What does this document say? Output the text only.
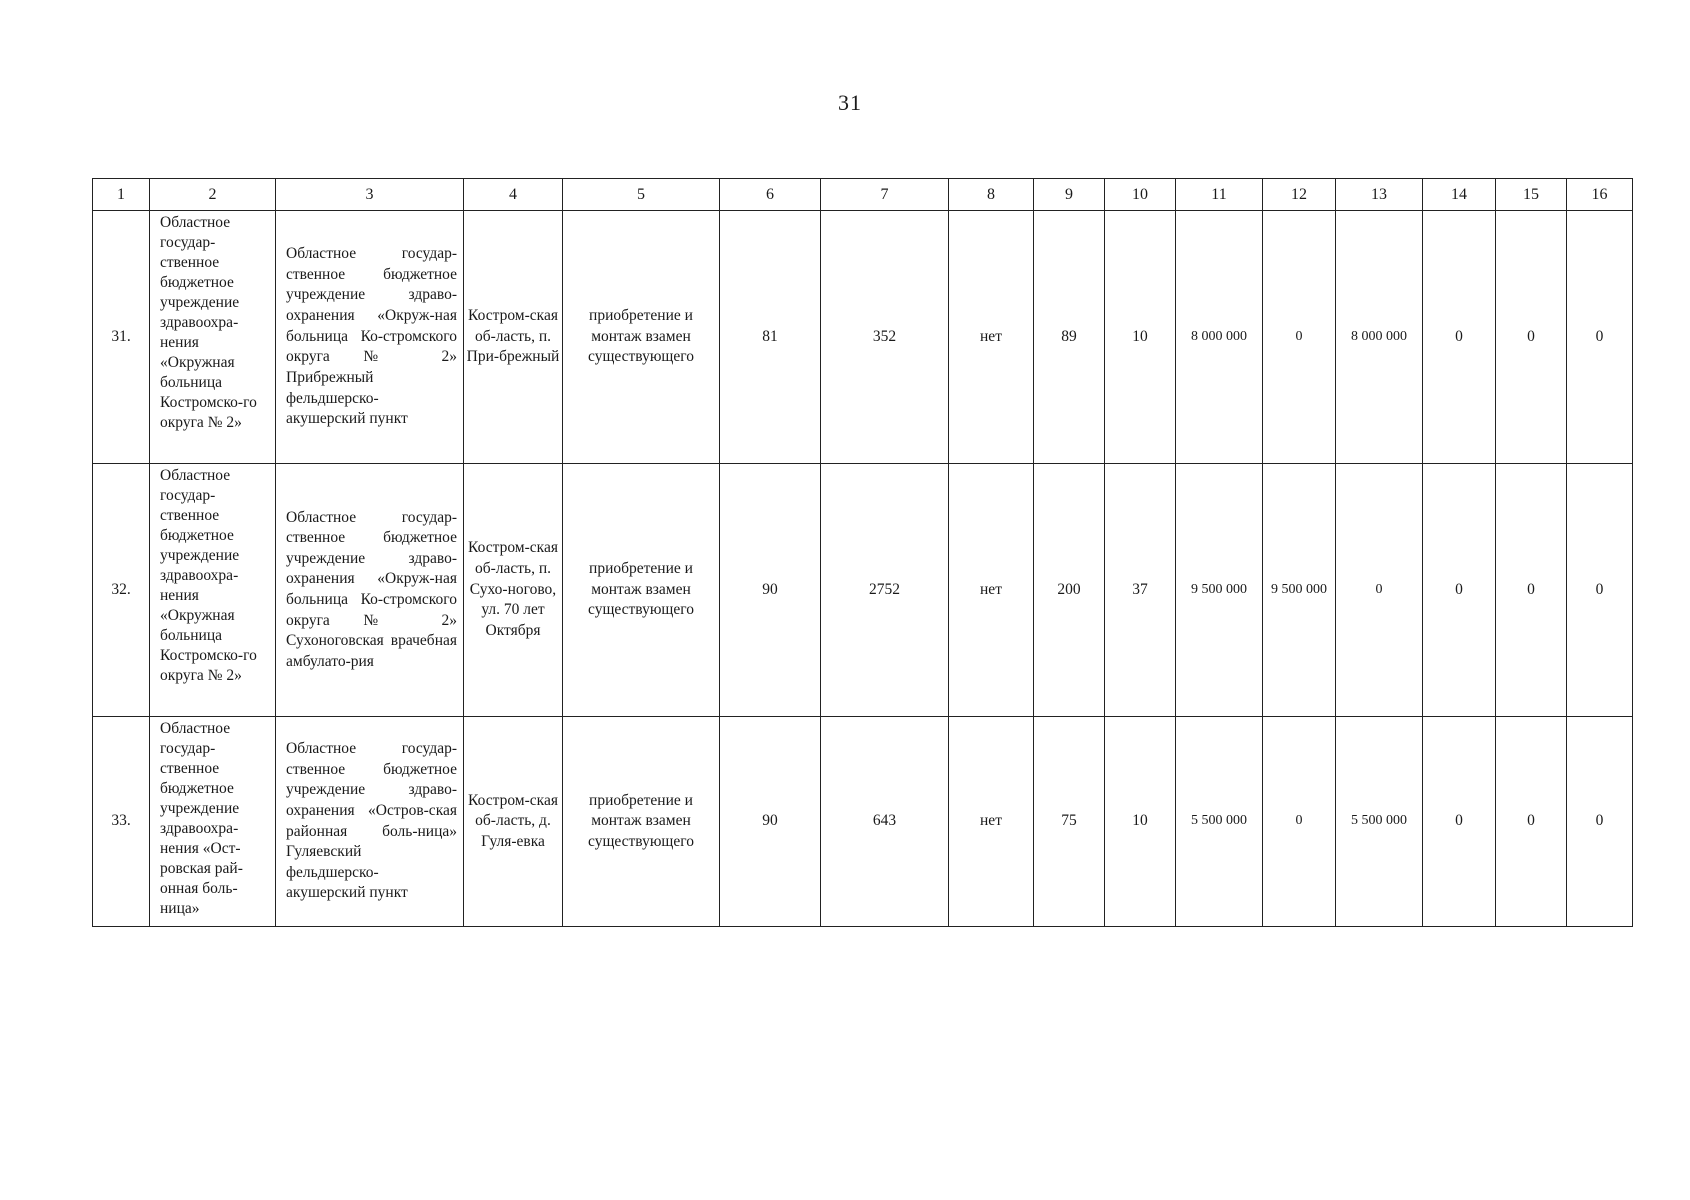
31
1	2	3	4	5	6	7	8	9	10	11	12	13	14	15	16
31.	Областное государ-ственное бюджетное учреждение здравоохра-нения «Окружная больница Костромско-го округа № 2»	Областное государ-ственное бюджетное учреждение здраво-охранения «Окруж-ная больница Ко-стромского округа № 2» Прибрежный фельдшерско-акушерский пункт	Костром-ская об-ласть, п. При-брежный	приобретение и монтаж взамен существующего	81	352	нет	89	10	8 000 000	0	8 000 000	0	0	0
32.	Областное государ-ственное бюджетное учреждение здравоохра-нения «Окружная больница Костромско-го округа № 2»	Областное государ-ственное бюджетное учреждение здраво-охранения «Окруж-ная больница Ко-стромского округа № 2» Сухоноговская врачебная амбулато-рия	Костром-ская об-ласть, п. Сухо-ногово, ул. 70 лет Октября	приобретение и монтаж взамен существующего	90	2752	нет	200	37	9 500 000	9 500 000	0	0	0	0
33.	Областное государ-ственное бюджетное учреждение здравоохра-нения «Ост-ровская рай-онная боль-ница»	Областное государ-ственное бюджетное учреждение здраво-охранения «Остров-ская районная боль-ница» Гуляевский фельдшерско-акушерский пункт	Костром-ская об-ласть, д. Гуля-евка	приобретение и монтаж взамен существующего	90	643	нет	75	10	5 500 000	0	5 500 000	0	0	0
